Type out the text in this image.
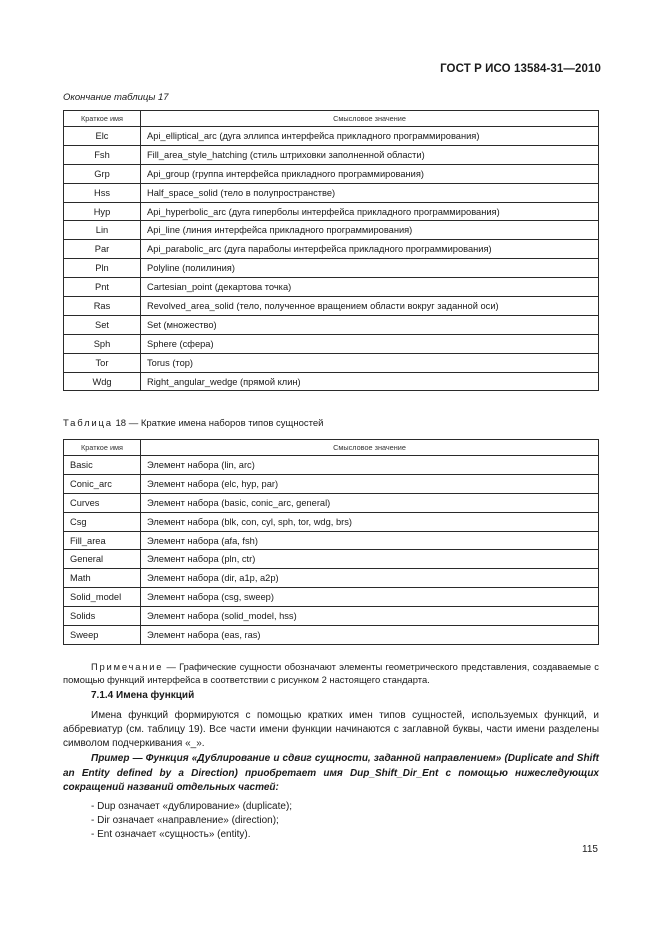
ГОСТ Р ИСО 13584-31—2010
Окончание таблицы 17
Краткое имя	Смысловое значение
Elc	Api_elliptical_arc (дуга эллипса интерфейса прикладного программирования)
Fsh	Fill_area_style_hatching (стиль штриховки заполненной области)
Grp	Api_group (группа интерфейса прикладного программирования)
Hss	Half_space_solid (тело в полупространстве)
Hyp	Api_hyperbolic_arc (дуга гиперболы интерфейса прикладного программирования)
Lin	Api_line (линия интерфейса прикладного программирования)
Par	Api_parabolic_arc (дуга параболы интерфейса прикладного программирования)
Pln	Polyline (полилиния)
Pnt	Cartesian_point (декартова точка)
Ras	Revolved_area_solid (тело, полученное вращением области вокруг заданной оси)
Set	Set (множество)
Sph	Sphere (сфера)
Tor	Torus (тор)
Wdg	Right_angular_wedge (прямой клин)
Таблица 18 — Краткие имена наборов типов сущностей
Краткое имя	Смысловое значение
Basic	Элемент набора (lin, arc)
Conic_arc	Элемент набора (elc, hyp, par)
Curves	Элемент набора (basic, conic_arc, general)
Csg	Элемент набора (blk, con, cyl, sph, tor, wdg, brs)
Fill_area	Элемент набора (afa, fsh)
General	Элемент набора (pln, ctr)
Math	Элемент набора (dir, a1p, a2p)
Solid_model	Элемент набора (csg, sweep)
Solids	Элемент набора (solid_model, hss)
Sweep	Элемент набора (eas, ras)
Примечание — Графические сущности обозначают элементы геометрического представления, создаваемые с помощью функций интерфейса в соответствии с рисунком 2 настоящего стандарта.
7.1.4 Имена функций
Имена функций формируются с помощью кратких имен типов сущностей, используемых функций, и аббревиатур (см. таблицу 19). Все части имени функции начинаются с заглавной буквы, части имени разделены символом подчеркивания «_».
Пример — Функция «Дублирование и сдвиг сущности, заданной направлением» (Duplicate and Shift an Entity defined by a Direction) приобретает имя Dup_Shift_Dir_Ent с помощью нижеследующих сокращений названий отдельных частей:
- Dup означает «дублирование» (duplicate);
- Dir означает «направление» (direction);
- Ent означает «сущность» (entity).
115
